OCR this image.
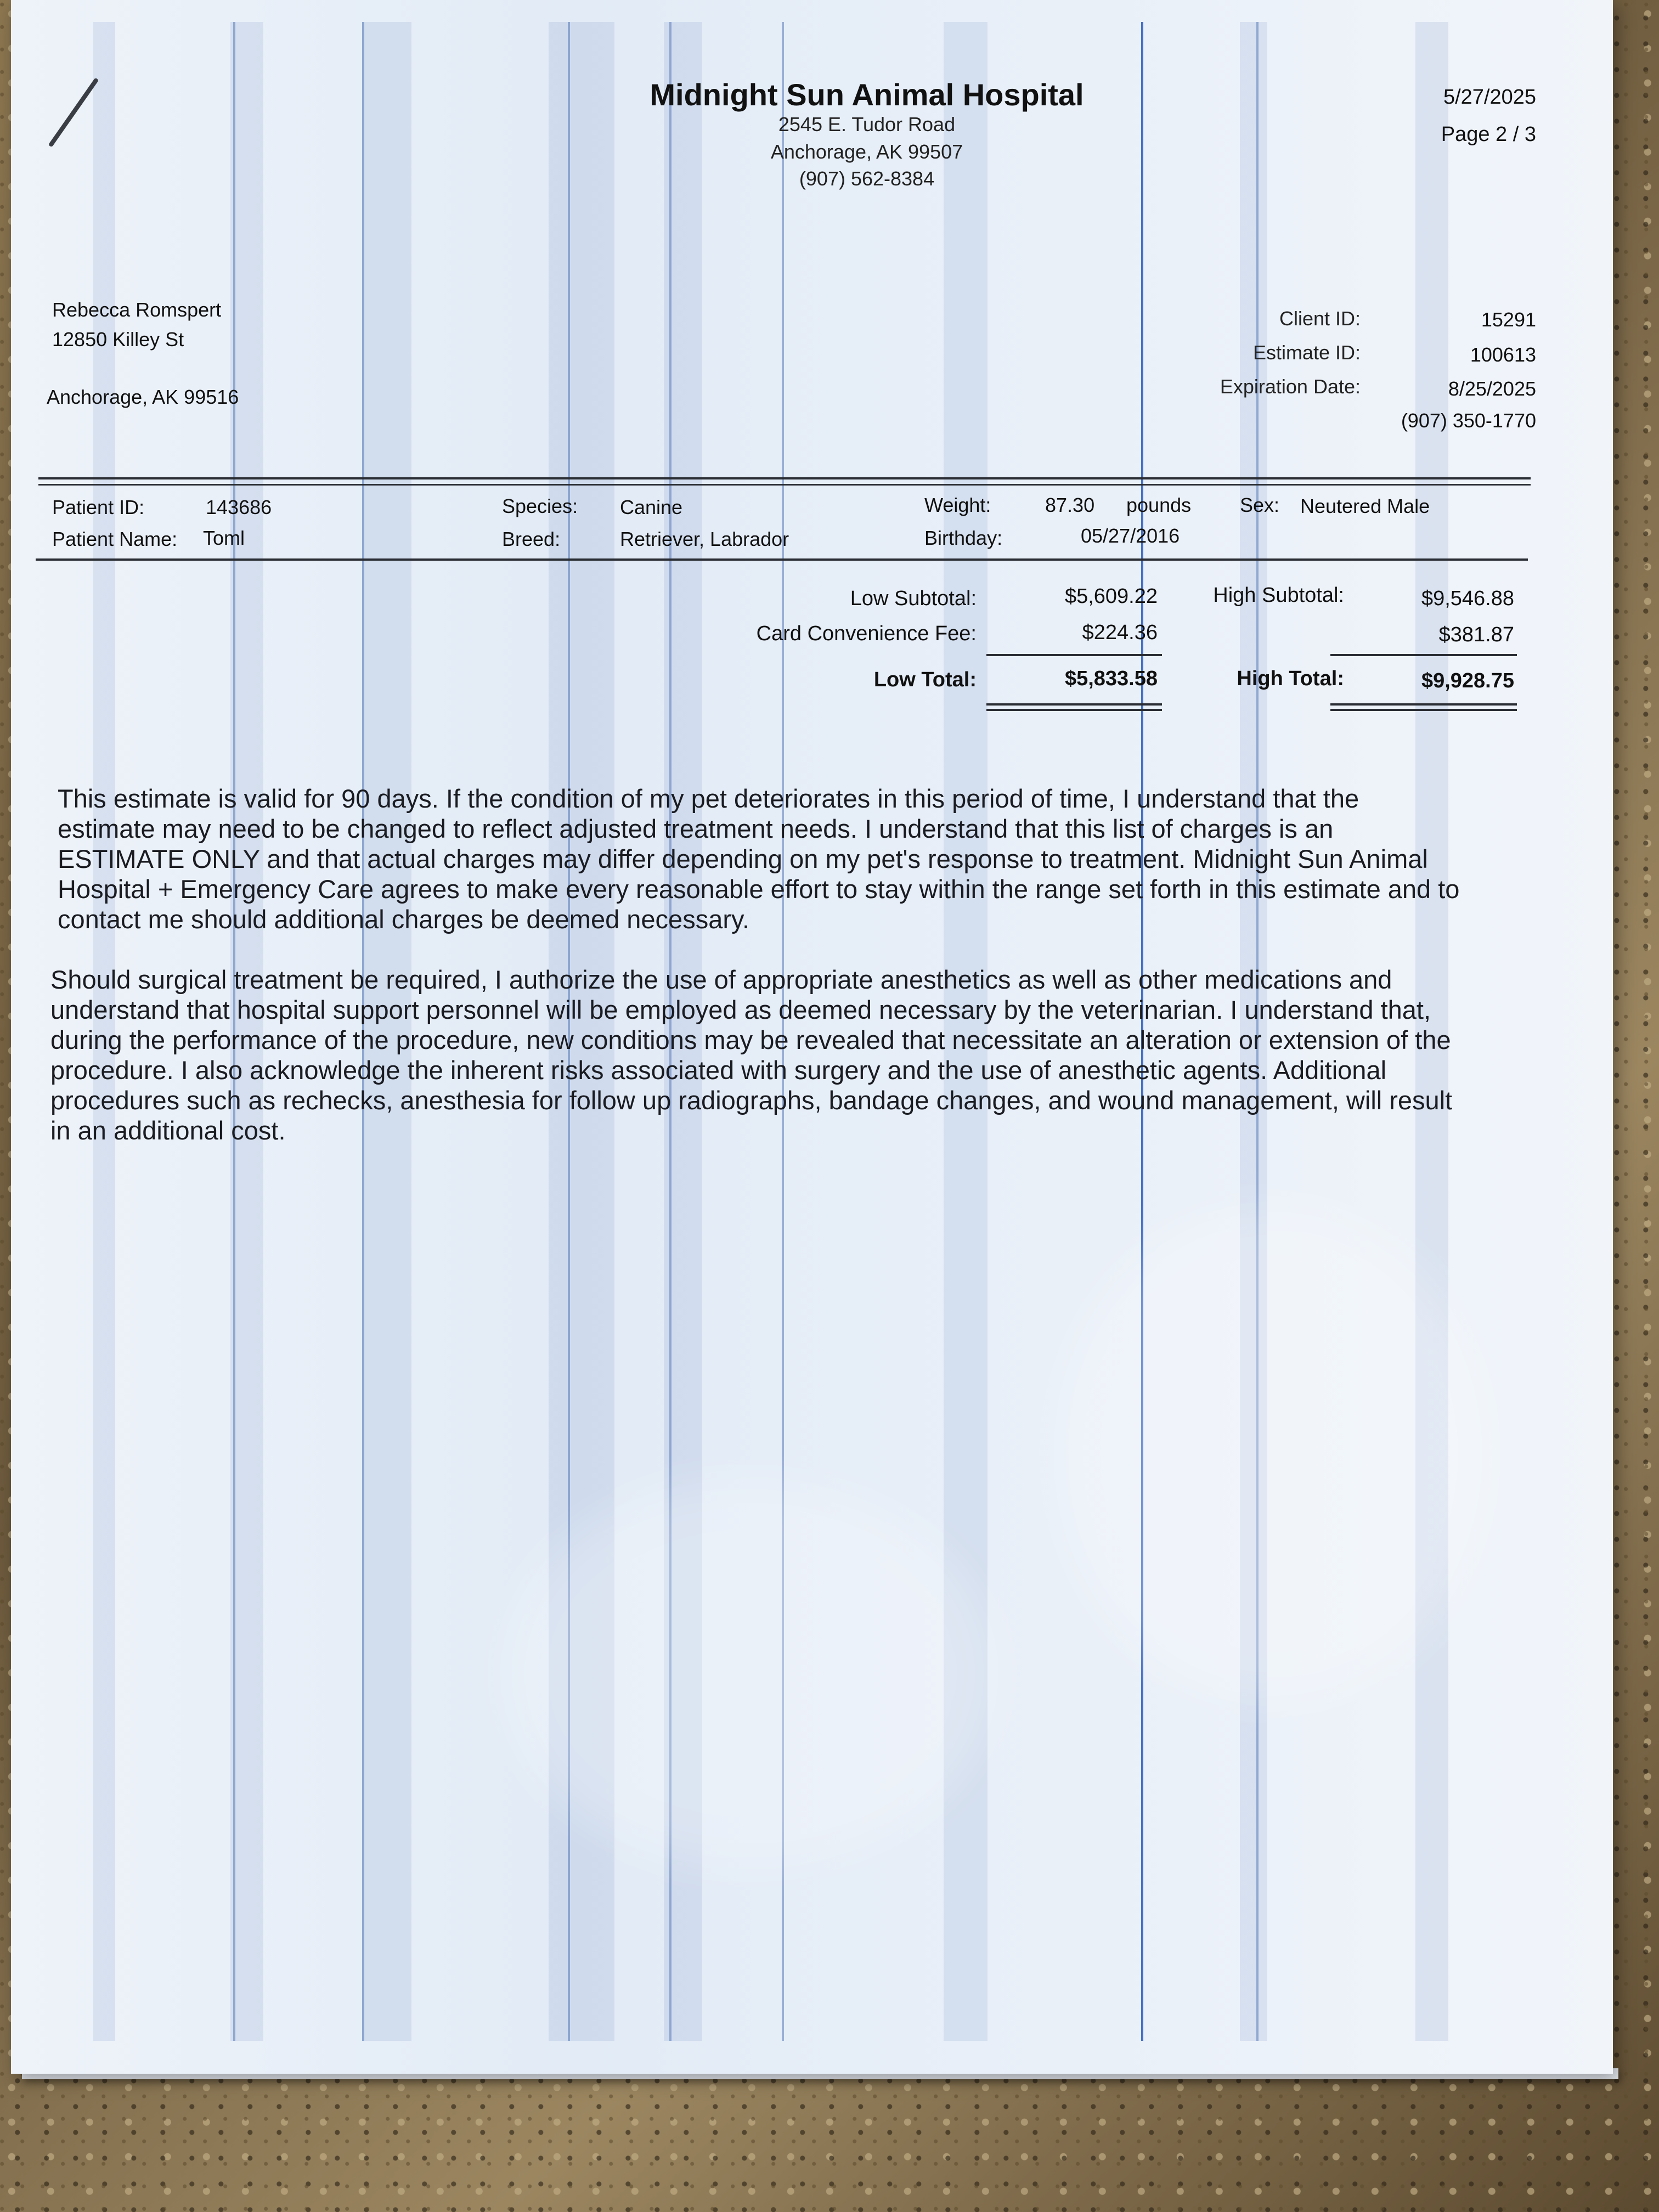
Midnight Sun Animal Hospital
2545 E. Tudor Road
Anchorage, AK 99507
(907) 562-8384
5/27/2025
Page 2 / 3
Rebecca Romspert
12850 Killey St
Anchorage, AK 99516
Client ID:	15291
Estimate ID:	100613
Expiration Date:	8/25/2025
(907) 350-1770
Patient ID:	143686
Patient Name: Toml
Species: Canine
Breed:	Retriever, Labrador
Weight:	87.30 pounds
Birthday:	05/27/2016
Sex: Neutered Male
Low Subtotal:	$5,609.22	High Subtotal:	$9,546.88
Card Convenience Fee:	$224.36	$381.87
Low Total:	$5,833.58	High Total:	$9,928.75
This estimate is valid for 90 days. If the condition of my pet deteriorates in this period of time, I understand that the estimate may need to be changed to reflect adjusted treatment needs. I understand that this list of charges is an ESTIMATE ONLY and that actual charges may differ depending on my pet's response to treatment. Midnight Sun Animal Hospital + Emergency Care agrees to make every reasonable effort to stay within the range set forth in this estimate and to contact me should additional charges be deemed necessary.
Should surgical treatment be required, I authorize the use of appropriate anesthetics as well as other medications and understand that hospital support personnel will be employed as deemed necessary by the veterinarian. I understand that, during the performance of the procedure, new conditions may be revealed that necessitate an alteration or extension of the procedure. I also acknowledge the inherent risks associated with surgery and the use of anesthetic agents. Additional procedures such as rechecks, anesthesia for follow up radiographs, bandage changes, and wound management, will result in an additional cost.
